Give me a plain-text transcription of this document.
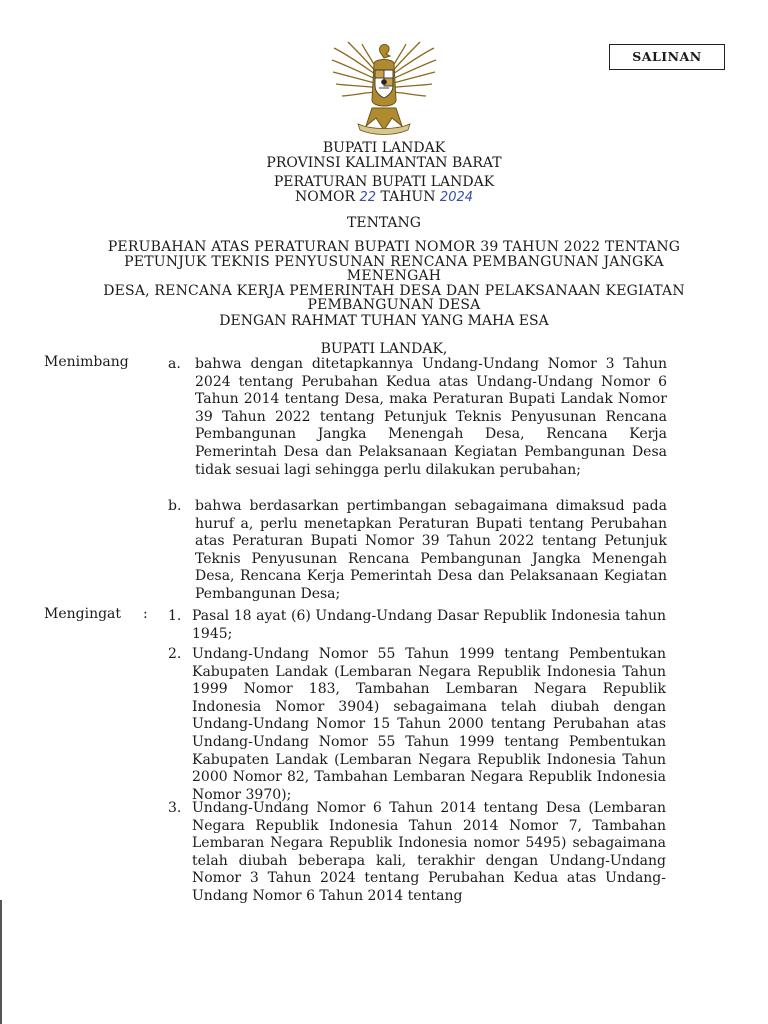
SALINAN
BUPATI LANDAK
PROVINSI KALIMANTAN BARAT
PERATURAN BUPATI LANDAK
NOMOR 22 TAHUN 2024
TENTANG
PERUBAHAN ATAS PERATURAN BUPATI NOMOR 39 TAHUN 2022 TENTANG
PETUNJUK TEKNIS PENYUSUNAN RENCANA PEMBANGUNAN JANGKA MENENGAH
DESA, RENCANA KERJA PEMERINTAH DESA DAN PELAKSANAAN KEGIATAN
PEMBANGUNAN DESA
DENGAN RAHMAT TUHAN YANG MAHA ESA
BUPATI LANDAK,
Menimbang	a. bahwa dengan ditetapkannya Undang-Undang Nomor 3 Tahun 2024 tentang Perubahan Kedua atas Undang-Undang Nomor 6 Tahun 2014 tentang Desa, maka Peraturan Bupati Landak Nomor 39 Tahun 2022 tentang Petunjuk Teknis Penyusunan Rencana Pembangunan Jangka Menengah Desa, Rencana Kerja Pemerintah Desa dan Pelaksanaan Kegiatan Pembangunan Desa tidak sesuai lagi sehingga perlu dilakukan perubahan;
b. bahwa berdasarkan pertimbangan sebagaimana dimaksud pada huruf a, perlu menetapkan Peraturan Bupati tentang Perubahan atas Peraturan Bupati Nomor 39 Tahun 2022 tentang Petunjuk Teknis Penyusunan Rencana Pembangunan Jangka Menengah Desa, Rencana Kerja Pemerintah Desa dan Pelaksanaan Kegiatan Pembangunan Desa;
Mengingat : 1. Pasal 18 ayat (6) Undang-Undang Dasar Republik Indonesia tahun 1945;
2. Undang-Undang Nomor 55 Tahun 1999 tentang Pembentukan Kabupaten Landak (Lembaran Negara Republik Indonesia Tahun 1999 Nomor 183, Tambahan Lembaran Negara Republik Indonesia Nomor 3904) sebagaimana telah diubah dengan Undang-Undang Nomor 15 Tahun 2000 tentang Perubahan atas Undang-Undang Nomor 55 Tahun 1999 tentang Pembentukan Kabupaten Landak (Lembaran Negara Republik Indonesia Tahun 2000 Nomor 82, Tambahan Lembaran Negara Republik Indonesia Nomor 3970);
3. Undang-Undang Nomor 6 Tahun 2014 tentang Desa (Lembaran Negara Republik Indonesia Tahun 2014 Nomor 7, Tambahan Lembaran Negara Republik Indonesia nomor 5495) sebagaimana telah diubah beberapa kali, terakhir dengan Undang-Undang Nomor 3 Tahun 2024 tentang Perubahan Kedua atas Undang-Undang Nomor 6 Tahun 2014 tentang
